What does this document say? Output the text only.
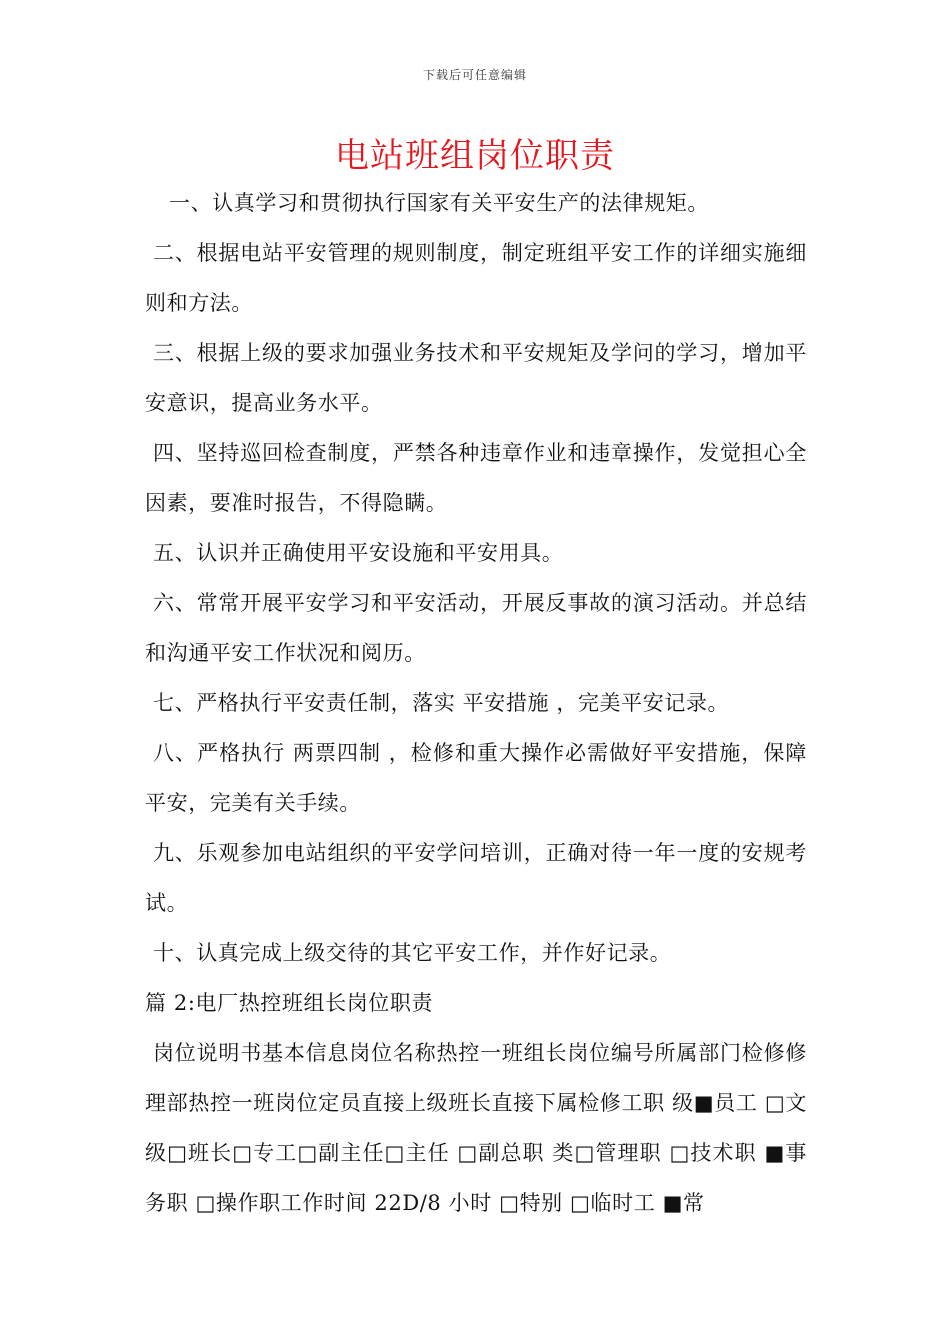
下载后可任意编辑
电站班组岗位职责

一、认真学习和贯彻执行国家有关平安生产的法律规矩。

二、根据电站平安管理的规则制度，制定班组平安工作的详细实施细则和方法。

三、根据上级的要求加强业务技术和平安规矩及学问的学习，增加平安意识，提高业务水平。

四、坚持巡回检查制度，严禁各种违章作业和违章操作，发觉担心全因素，要准时报告，不得隐瞒。

五、认识并正确使用平安设施和平安用具。

六、常常开展平安学习和平安活动，开展反事故的演习活动。并总结和沟通平安工作状况和阅历。

七、严格执行平安责任制，落实 平安措施 ，完美平安记录。

八、严格执行 两票四制 ，检修和重大操作必需做好平安措施，保障平安，完美有关手续。

九、乐观参加电站组织的平安学问培训，正确对待一年一度的安规考试。

十、认真完成上级交待的其它平安工作，并作好记录。

篇 2:电厂热控班组长岗位职责

岗位说明书基本信息岗位名称热控一班组长岗位编号所属部门检修修理部热控一班岗位定员直接上级班长直接下属检修工职 级■员工 □文级□班长□专工□副主任□主任 □副总职 类□管理职 □技术职 ■事务职 □操作职工作时间 22D/8 小时 □特别 □临时工 ■常
